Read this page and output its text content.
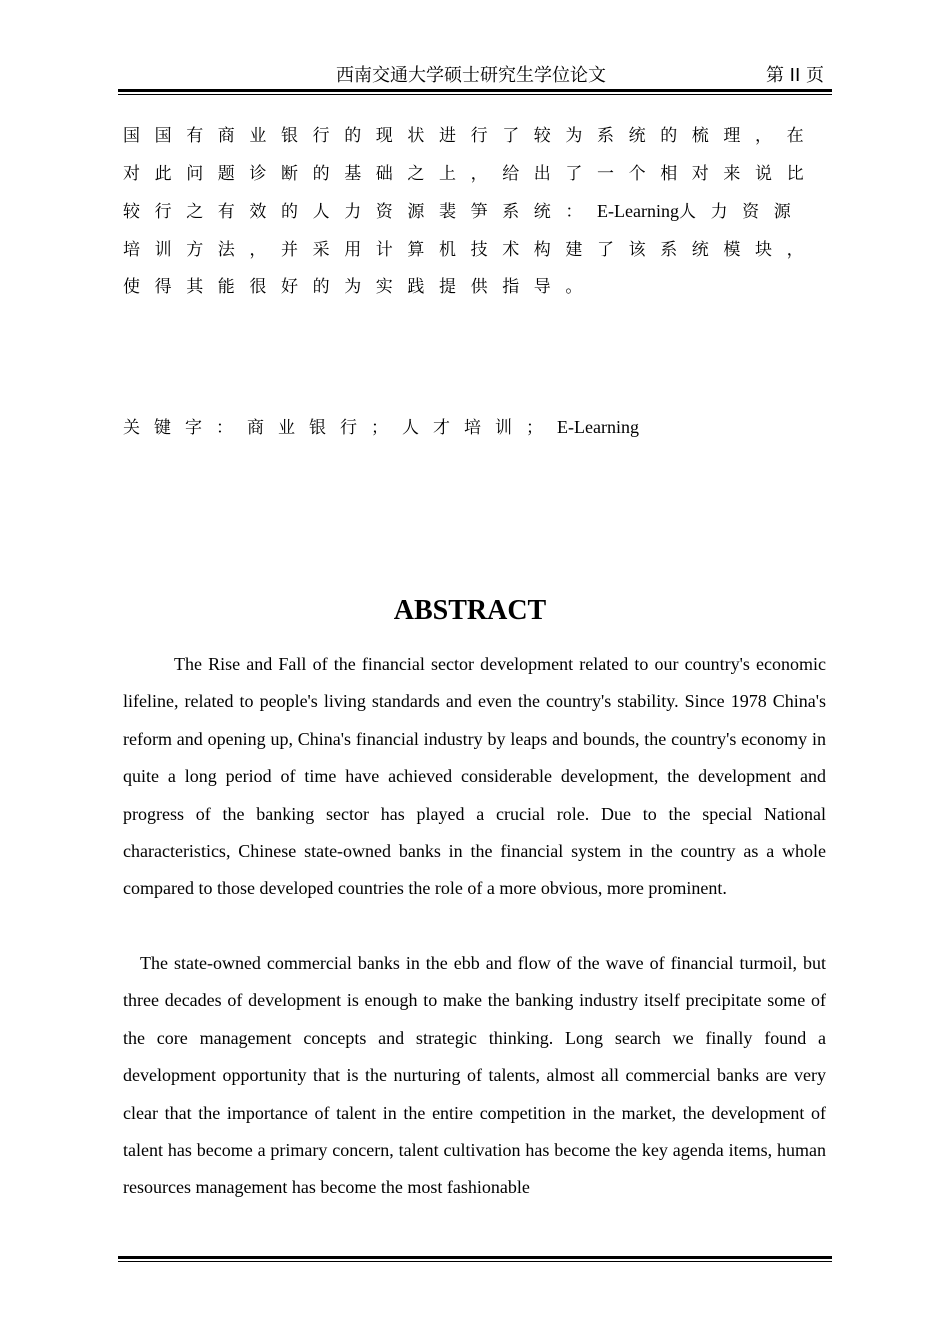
西南交通大学硕士研究生学位论文	第 II 页
国国有商业银行的现状进行了较为系统的梳理，在对此问题诊断的基础之上，给出了一个相对来说比较行之有效的人力资源裴笋系统：E-Learning人力资源培训方法，并采用计算机技术构建了该系统模块，使得其能很好的为实践提供指导。
关键字：商业银行；人才培训；E-Learning
ABSTRACT
The Rise and Fall of the financial sector development related to our country's economic lifeline, related to people's living standards and even the country's stability. Since 1978 China's reform and opening up, China's financial industry by leaps and bounds, the country's economy in quite a long period of time have achieved considerable development, the development and progress of the banking sector has played a crucial role. Due to the special National characteristics, Chinese state-owned banks in the financial system in the country as a whole compared to those developed countries the role of a more obvious, more prominent.
The state-owned commercial banks in the ebb and flow of the wave of financial turmoil, but three decades of development is enough to make the banking industry itself precipitate some of the core management concepts and strategic thinking. Long search we finally found a development opportunity that is the nurturing of talents, almost all commercial banks are very clear that the importance of talent in the entire competition in the market, the development of talent has become a primary concern, talent cultivation has become the key agenda items, human resources management has become the most fashionable
